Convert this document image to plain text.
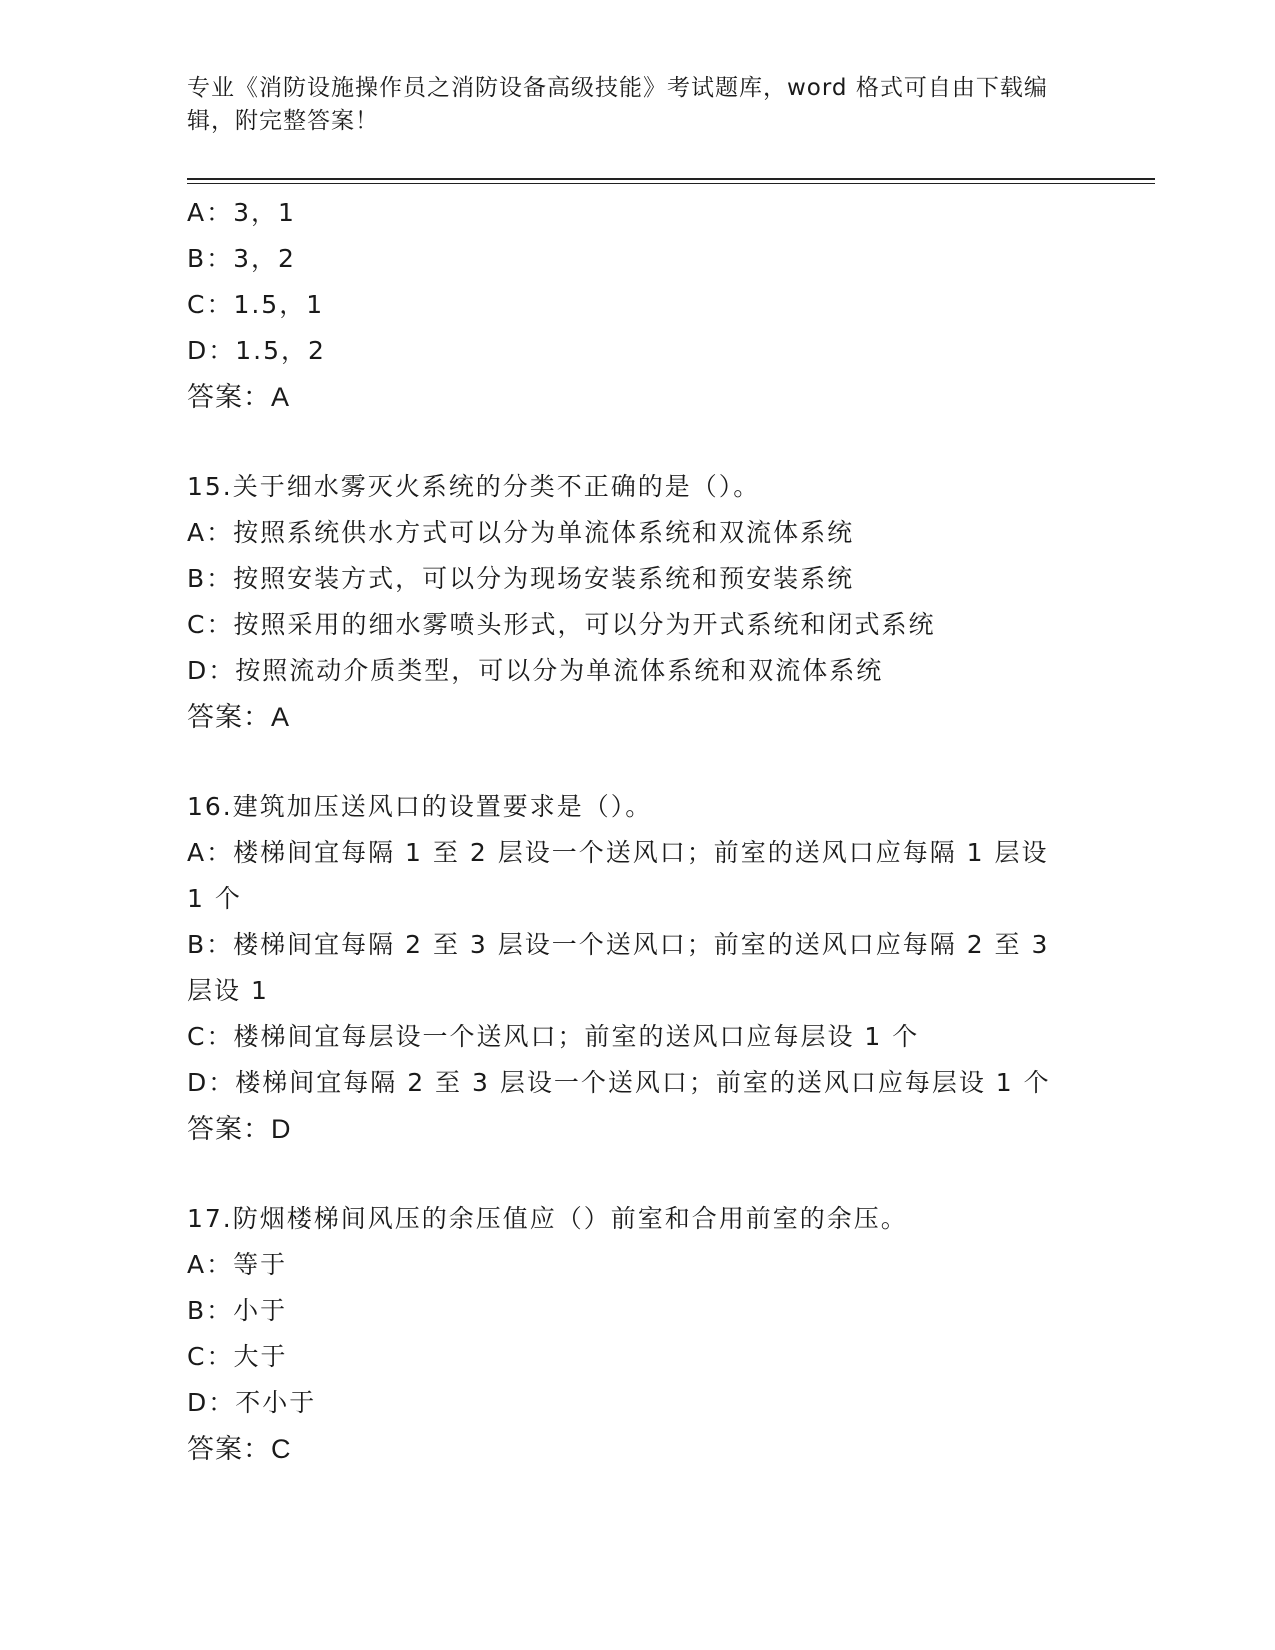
专业《消防设施操作员之消防设备高级技能》考试题库，word 格式可自由下载编
辑，附完整答案！
A：3，1
B：3，2
C：1.5，1
D：1.5，2
答案：A
15.关于细水雾灭火系统的分类不正确的是（）。
A：按照系统供水方式可以分为单流体系统和双流体系统
B：按照安装方式，可以分为现场安装系统和预安装系统
C：按照采用的细水雾喷头形式，可以分为开式系统和闭式系统
D：按照流动介质类型，可以分为单流体系统和双流体系统
答案：A
16.建筑加压送风口的设置要求是（）。
A：楼梯间宜每隔 1 至 2 层设一个送风口；前室的送风口应每隔 1 层设
1 个
B：楼梯间宜每隔 2 至 3 层设一个送风口；前室的送风口应每隔 2 至 3
层设 1
C：楼梯间宜每层设一个送风口；前室的送风口应每层设 1 个
D：楼梯间宜每隔 2 至 3 层设一个送风口；前室的送风口应每层设 1 个
答案：D
17.防烟楼梯间风压的余压值应（）前室和合用前室的余压。
A：等于
B：小于
C：大于
D：不小于
答案：C
